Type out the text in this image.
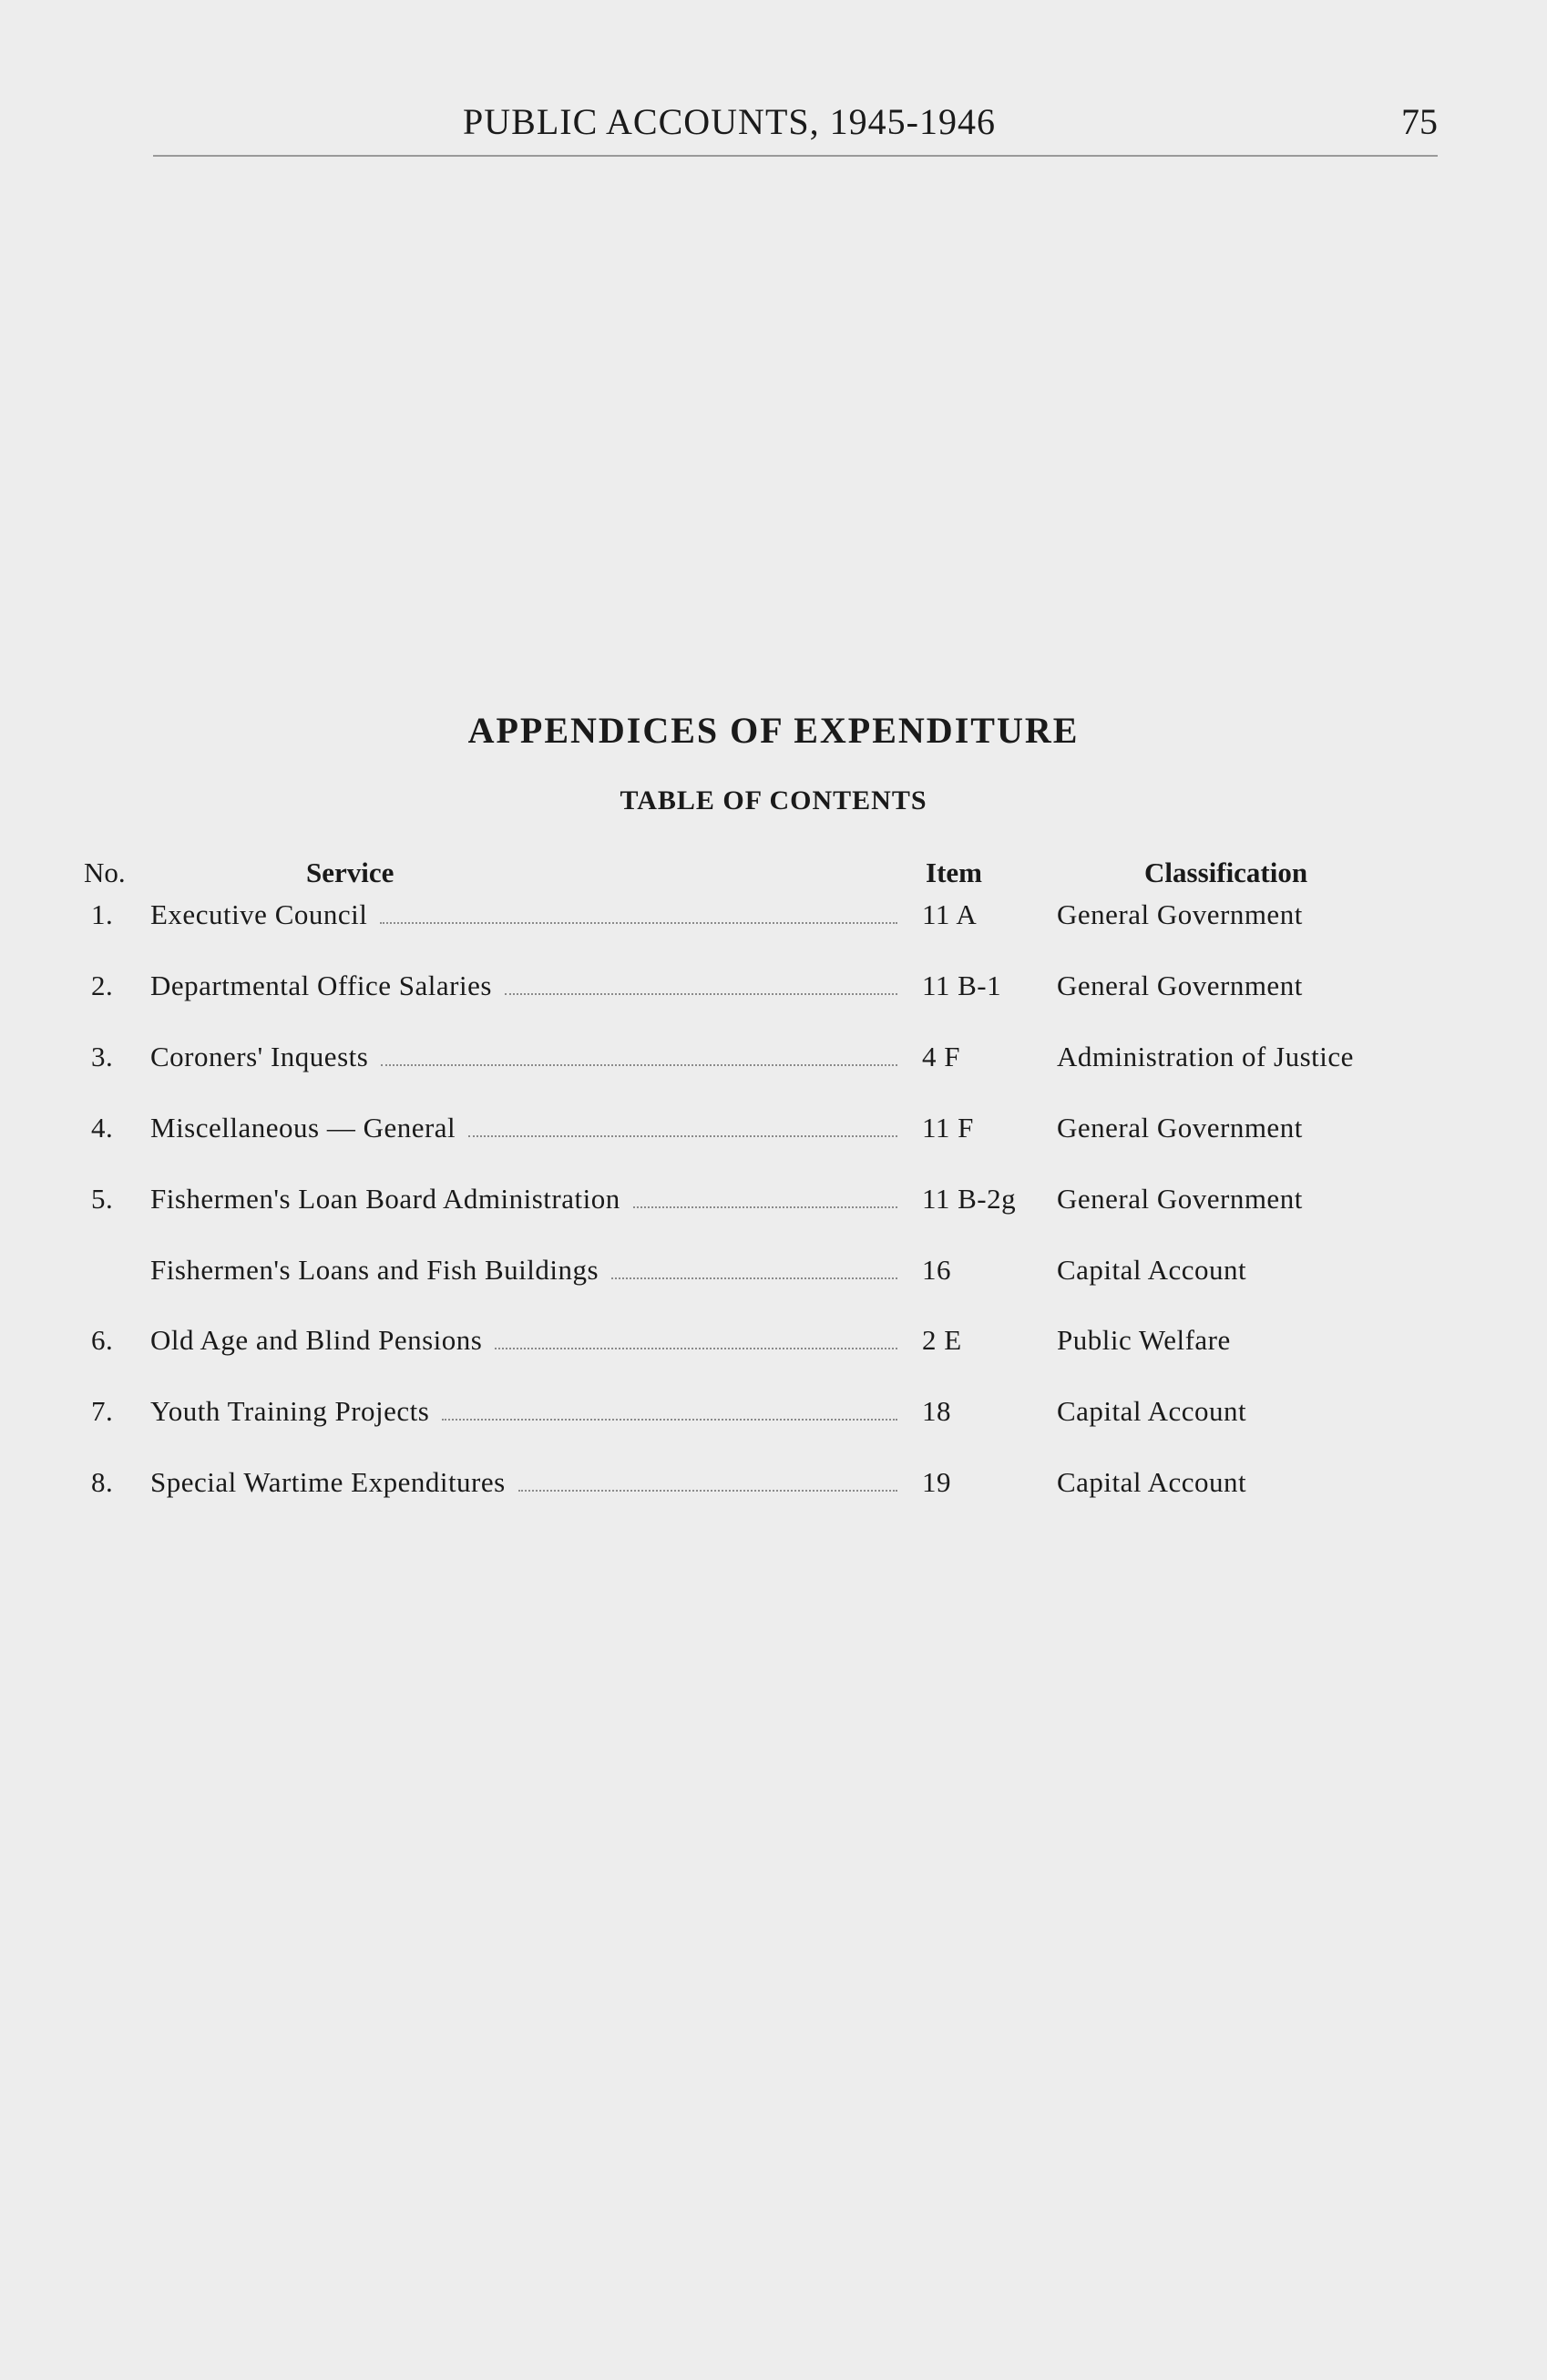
PUBLIC ACCOUNTS, 1945-1946	75
APPENDICES OF EXPENDITURE
TABLE OF CONTENTS
No.	Service	Item	Classification
1. Executive Council	11 A	General Government
2. Departmental Office Salaries	11 B-1	General Government
3. Coroners' Inquests	4 F	Administration of Justice
4. Miscellaneous — General	11 F	General Government
5. Fishermen's Loan Board Administration	11 B-2g	General Government
Fishermen's Loans and Fish Buildings	16	Capital Account
6. Old Age and Blind Pensions	2 E	Public Welfare
7. Youth Training Projects	18	Capital Account
8. Special Wartime Expenditures	19	Capital Account
